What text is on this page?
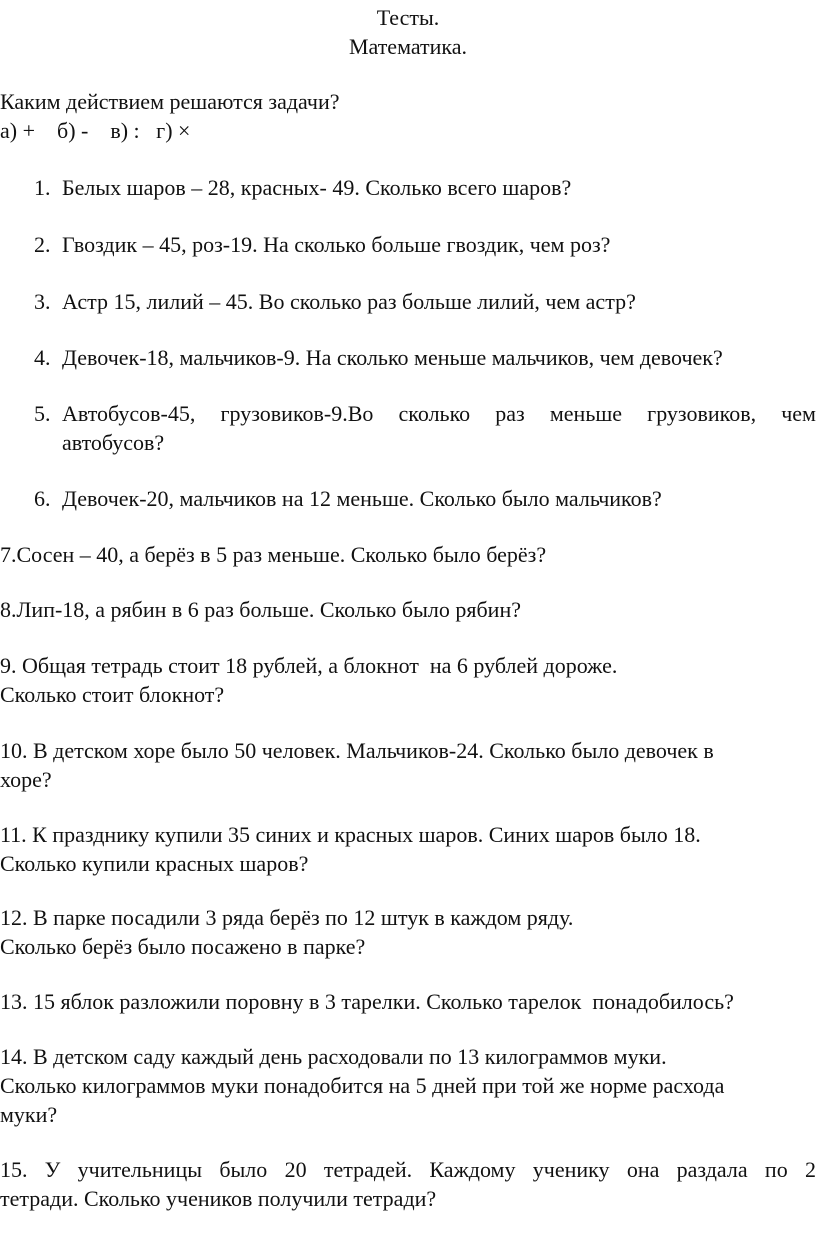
Тесты.
Математика.
Каким действием решаются задачи?
а) +    б) -    в) :   г) ×
1. Белых шаров – 28, красных- 49. Сколько всего шаров?
2. Гвоздик – 45, роз-19. На сколько больше гвоздик, чем роз?
3. Астр 15, лилий – 45. Во сколько раз больше лилий, чем астр?
4. Девочек-18, мальчиков-9. На сколько меньше мальчиков, чем девочек?
5. Автобусов-45, грузовиков-9.Во сколько раз меньше грузовиков, чем
автобусов?
6. Девочек-20, мальчиков на 12 меньше. Сколько было мальчиков?
7.Сосен – 40, а берёз в 5 раз меньше. Сколько было берёз?
8.Лип-18, а рябин в 6 раз больше. Сколько было рябин?
9. Общая тетрадь стоит 18 рублей, а блокнот  на 6 рублей дороже.
Сколько стоит блокнот?
10. В детском хоре было 50 человек. Мальчиков-24. Сколько было девочек в
хоре?
11. К празднику купили 35 синих и красных шаров. Синих шаров было 18.
Сколько купили красных шаров?
12. В парке посадили 3 ряда берёз по 12 штук в каждом ряду.
Сколько берёз было посажено в парке?
13. 15 яблок разложили поровну в 3 тарелки. Сколько тарелок  понадобилось?
14. В детском саду каждый день расходовали по 13 килограммов муки.
Сколько килограммов муки понадобится на 5 дней при той же норме расхода
муки?
15. У учительницы было 20 тетрадей. Каждому ученику она раздала по 2
тетради. Сколько учеников получили тетради?
